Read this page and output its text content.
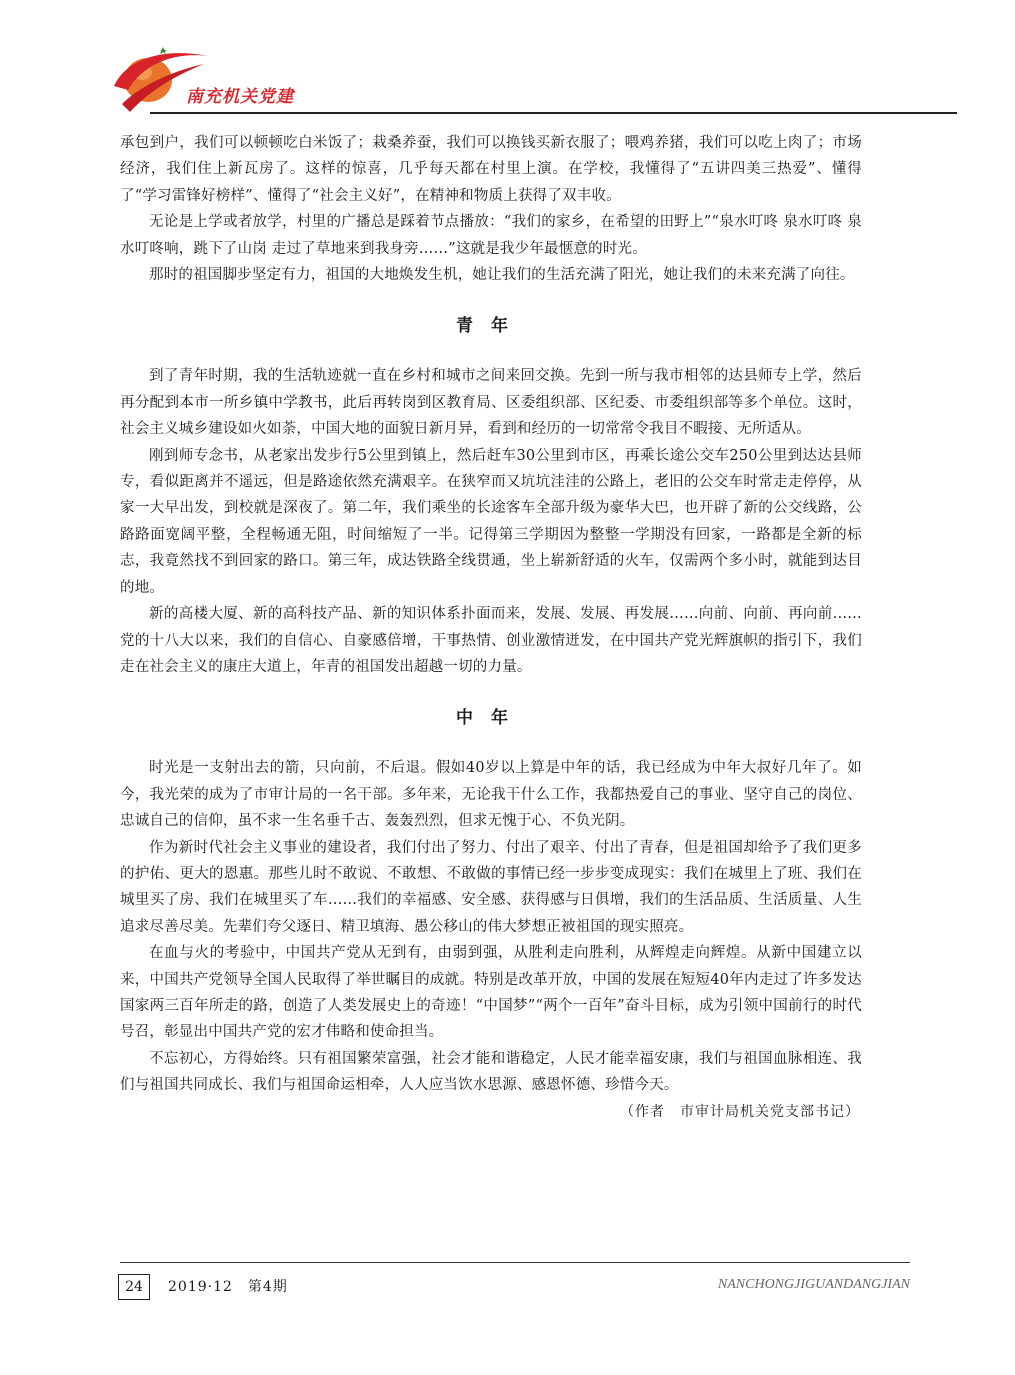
南充机关党建

承包到户，我们可以顿顿吃白米饭了；栽桑养蚕，我们可以换钱买新衣服了；喂鸡养猪，我们可以吃上肉了；市场经济，我们住上新瓦房了。这样的惊喜，几乎每天都在村里上演。在学校，我懂得了“五讲四美三热爱”、懂得了“学习雷锋好榜样”、懂得了“社会主义好”，在精神和物质上获得了双丰收。

无论是上学或者放学，村里的广播总是踩着节点播放：“我们的家乡，在希望的田野上”“泉水叮咚 泉水叮咚 泉水叮咚响，跳下了山岗 走过了草地来到我身旁……”这就是我少年最惬意的时光。

那时的祖国脚步坚定有力，祖国的大地焕发生机，她让我们的生活充满了阳光，她让我们的未来充满了向往。

青年

到了青年时期，我的生活轨迹就一直在乡村和城市之间来回交换。先到一所与我市相邻的达县师专上学，然后再分配到本市一所乡镇中学教书，此后再转岗到区教育局、区委组织部、区纪委、市委组织部等多个单位。这时，社会主义城乡建设如火如荼，中国大地的面貌日新月异，看到和经历的一切常常令我目不暇接、无所适从。

刚到师专念书，从老家出发步行5公里到镇上，然后赶车30公里到市区，再乘长途公交车250公里到达达县师专，看似距离并不遥远，但是路途依然充满艰辛。在狭窄而又坑坑洼洼的公路上，老旧的公交车时常走走停停，从家一大早出发，到校就是深夜了。第二年，我们乘坐的长途客车全部升级为豪华大巴，也开辟了新的公交线路，公路路面宽阔平整，全程畅通无阻，时间缩短了一半。记得第三学期因为整整一学期没有回家，一路都是全新的标志，我竟然找不到回家的路口。第三年，成达铁路全线贯通，坐上崭新舒适的火车，仅需两个多小时，就能到达目的地。

新的高楼大厦、新的高科技产品、新的知识体系扑面而来，发展、发展、再发展……向前、向前、再向前……党的十八大以来，我们的自信心、自豪感倍增，干事热情、创业激情迸发，在中国共产党光辉旗帜的指引下，我们走在社会主义的康庄大道上，年青的祖国发出超越一切的力量。

中年

时光是一支射出去的箭，只向前，不后退。假如40岁以上算是中年的话，我已经成为中年大叔好几年了。如今，我光荣的成为了市审计局的一名干部。多年来，无论我干什么工作，我都热爱自己的事业、坚守自己的岗位、忠诚自己的信仰，虽不求一生名垂千古、轰轰烈烈，但求无愧于心、不负光阴。

作为新时代社会主义事业的建设者，我们付出了努力、付出了艰辛、付出了青春，但是祖国却给予了我们更多的护佑、更大的恩惠。那些儿时不敢说、不敢想、不敢做的事情已经一步步变成现实：我们在城里上了班、我们在城里买了房、我们在城里买了车……我们的幸福感、安全感、获得感与日俱增，我们的生活品质、生活质量、人生追求尽善尽美。先辈们夸父逐日、精卫填海、愚公移山的伟大梦想正被祖国的现实照亮。

在血与火的考验中，中国共产党从无到有，由弱到强，从胜利走向胜利，从辉煌走向辉煌。从新中国建立以来，中国共产党领导全国人民取得了举世瞩目的成就。特别是改革开放，中国的发展在短短40年内走过了许多发达国家两三百年所走的路，创造了人类发展史上的奇迹！“中国梦”“两个一百年”奋斗目标，成为引领中国前行的时代号召，彰显出中国共产党的宏才伟略和使命担当。

不忘初心，方得始终。只有祖国繁荣富强，社会才能和谐稳定，人民才能幸福安康，我们与祖国血脉相连、我们与祖国共同成长、我们与祖国命运相牵，人人应当饮水思源、感恩怀德、珍惜今天。

（作者　市审计局机关党支部书记）
24	2019·12　第4期	NANCHONGJIGUANDANGJIAN
